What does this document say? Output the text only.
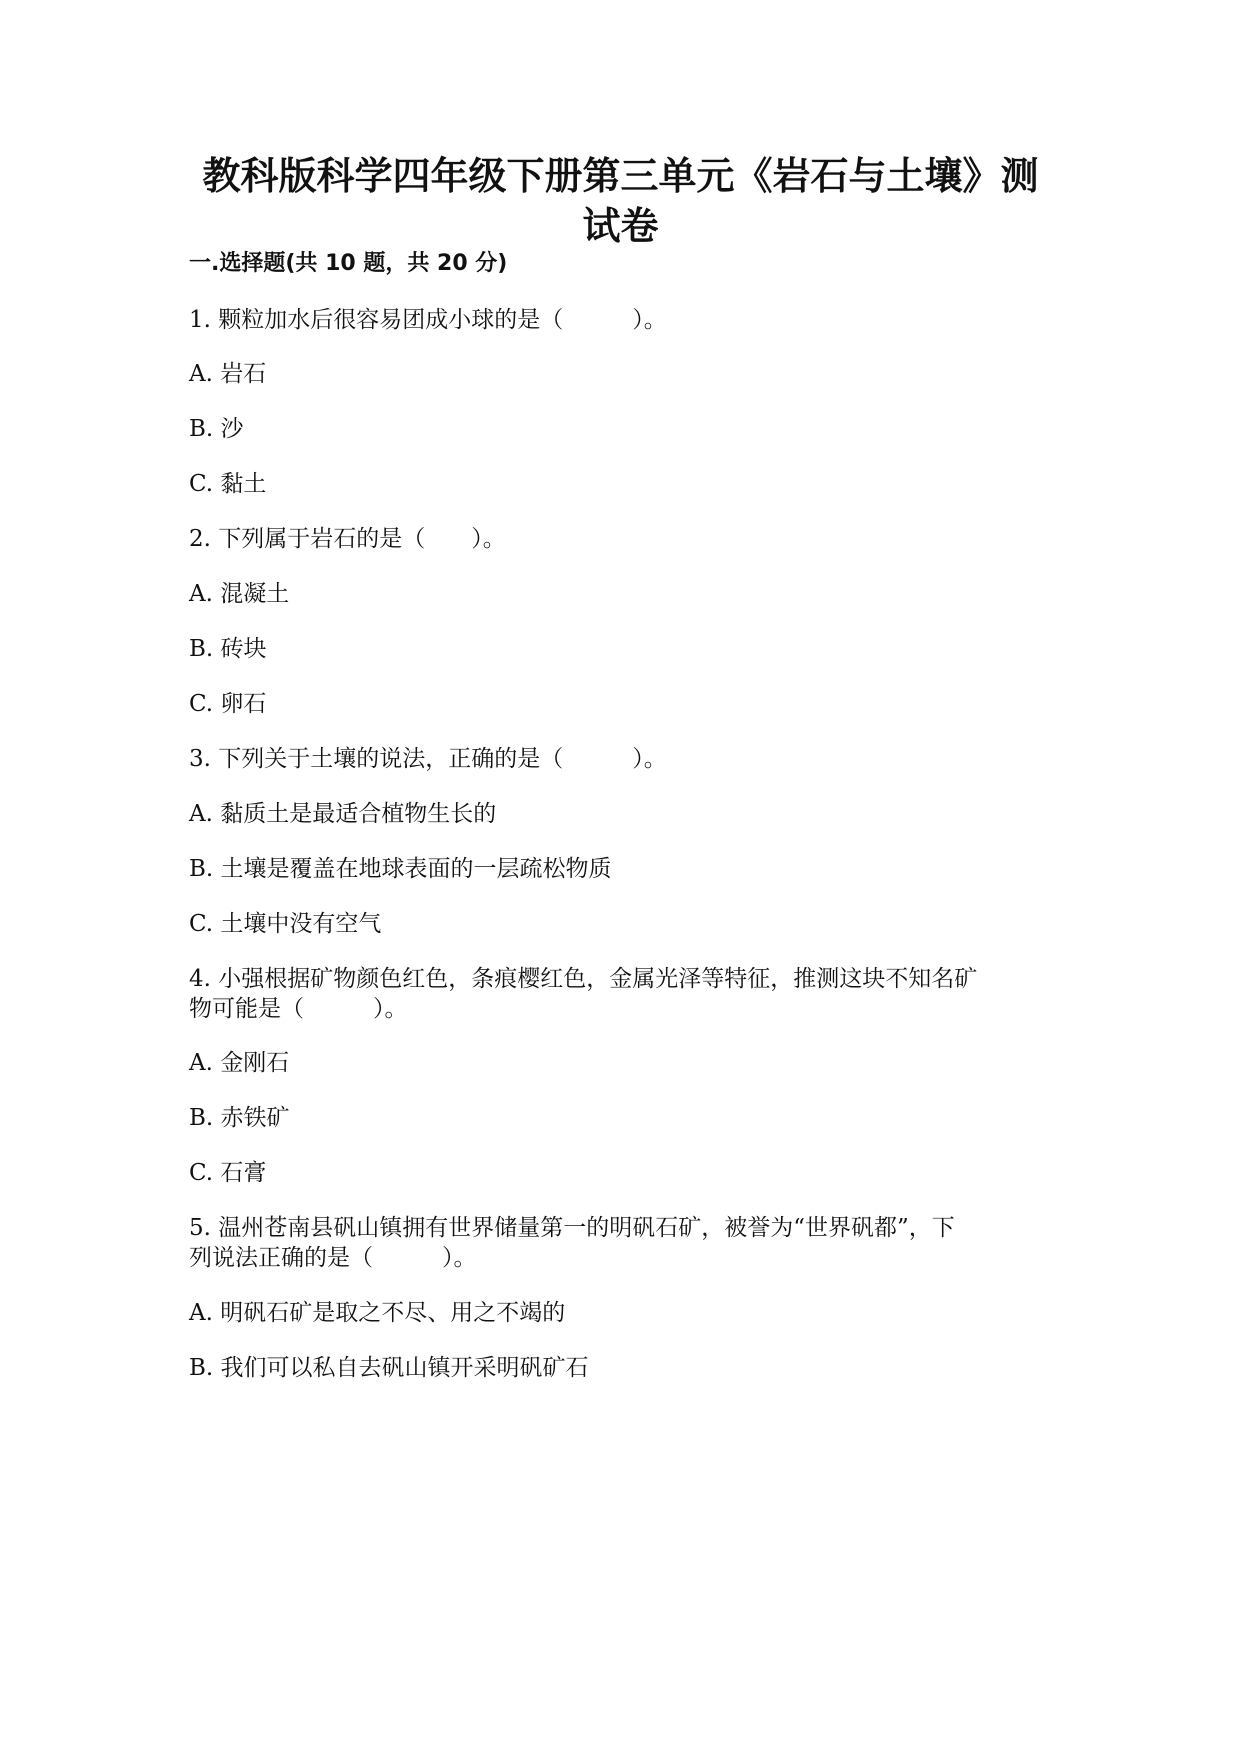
教科版科学四年级下册第三单元《岩石与土壤》测
试卷
一.选择题(共 10 题，共 20 分)
1. 颗粒加水后很容易团成小球的是（　　　）。
A. 岩石
B. 沙
C. 黏土
2. 下列属于岩石的是（　　）。
A. 混凝土
B. 砖块
C. 卵石
3. 下列关于土壤的说法，正确的是（　　　）。
A. 黏质土是最适合植物生长的
B. 土壤是覆盖在地球表面的一层疏松物质
C. 土壤中没有空气
4. 小强根据矿物颜色红色，条痕樱红色，金属光泽等特征，推测这块不知名矿
物可能是（　　　）。
A. 金刚石
B. 赤铁矿
C. 石膏
5. 温州苍南县矾山镇拥有世界储量第一的明矾石矿，被誉为“世界矾都”，下
列说法正确的是（　　　）。
A. 明矾石矿是取之不尽、用之不竭的
B. 我们可以私自去矾山镇开采明矾矿石
